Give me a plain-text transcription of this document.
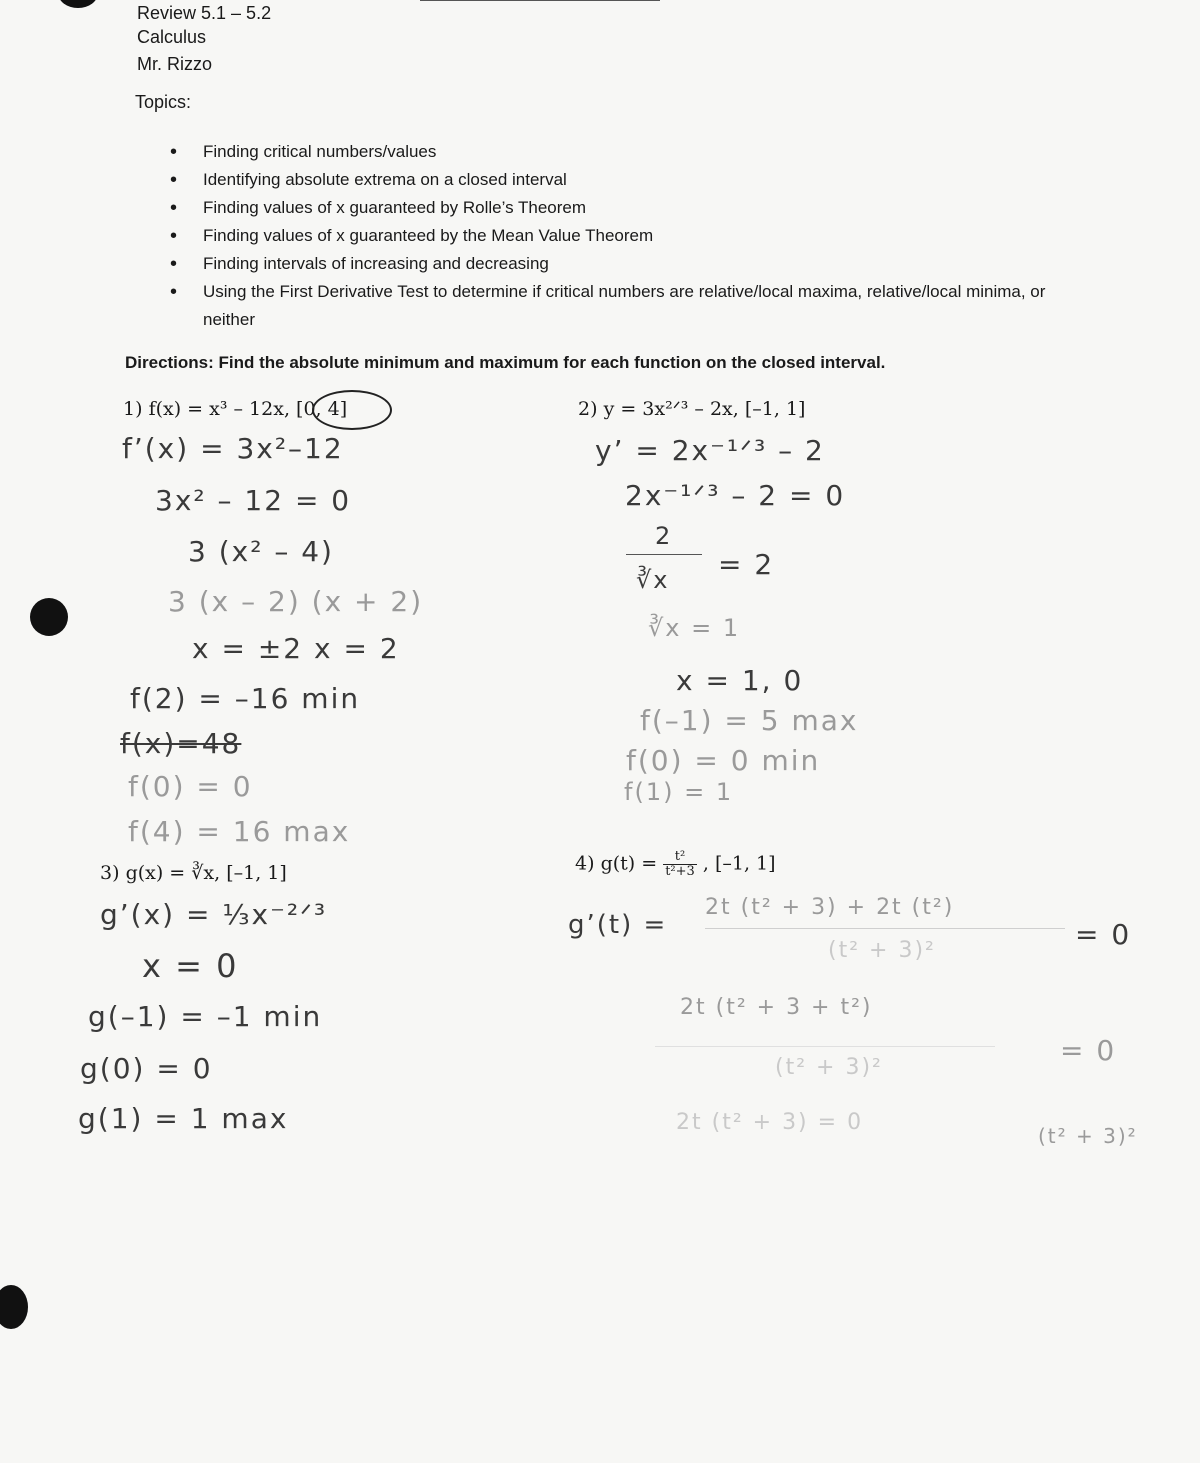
Review 5.1 – 5.2
Calculus
Mr. Rizzo
Topics:
• Finding critical numbers/values
• Identifying absolute extrema on a closed interval
• Finding values of x guaranteed by Rolle’s Theorem
• Finding values of x guaranteed by the Mean Value Theorem
• Finding intervals of increasing and decreasing
• Using the First Derivative Test to determine if critical numbers are relative/local maxima, relative/local minima, or neither
Directions: Find the absolute minimum and maximum for each function on the closed interval.
1) f(x) = x³ – 12x, [0, 4]
f’(x) = 3x²–12
3x² – 12 = 0
3 (x² – 4)
3 (x – 2) (x + 2)
x = ±2 x = 2
f(2) = –16 min
f(x)=48
f(0) = 0
f(4) = 16 max
2) y = 3x²ᐟ³ – 2x, [–1, 1]
y’ = 2x⁻¹ᐟ³ – 2
2x⁻¹ᐟ³ – 2 = 0
2
∛x = 2
∛x = 1
x = 1, 0
f(–1) = 5 max
f(0) = 0 min
f(1) = 1
3) g(x) = ∛x, [–1, 1]
g’(x) = ⅓x⁻²ᐟ³
x = 0
g(–1) = –1 min
g(0) = 0
g(1) = 1 max
4) $g(t) = \frac{\text{t²}}{\text{t²+3}}$ , [–1, 1]
g’(t) =
2t (t² + 3) + 2t (t²)
(t² + 3)²	= 0
2t (t² + 3 + t²)
(t² + 3)²
= 0
2t (t² + 3) = 0
(t² + 3)²
